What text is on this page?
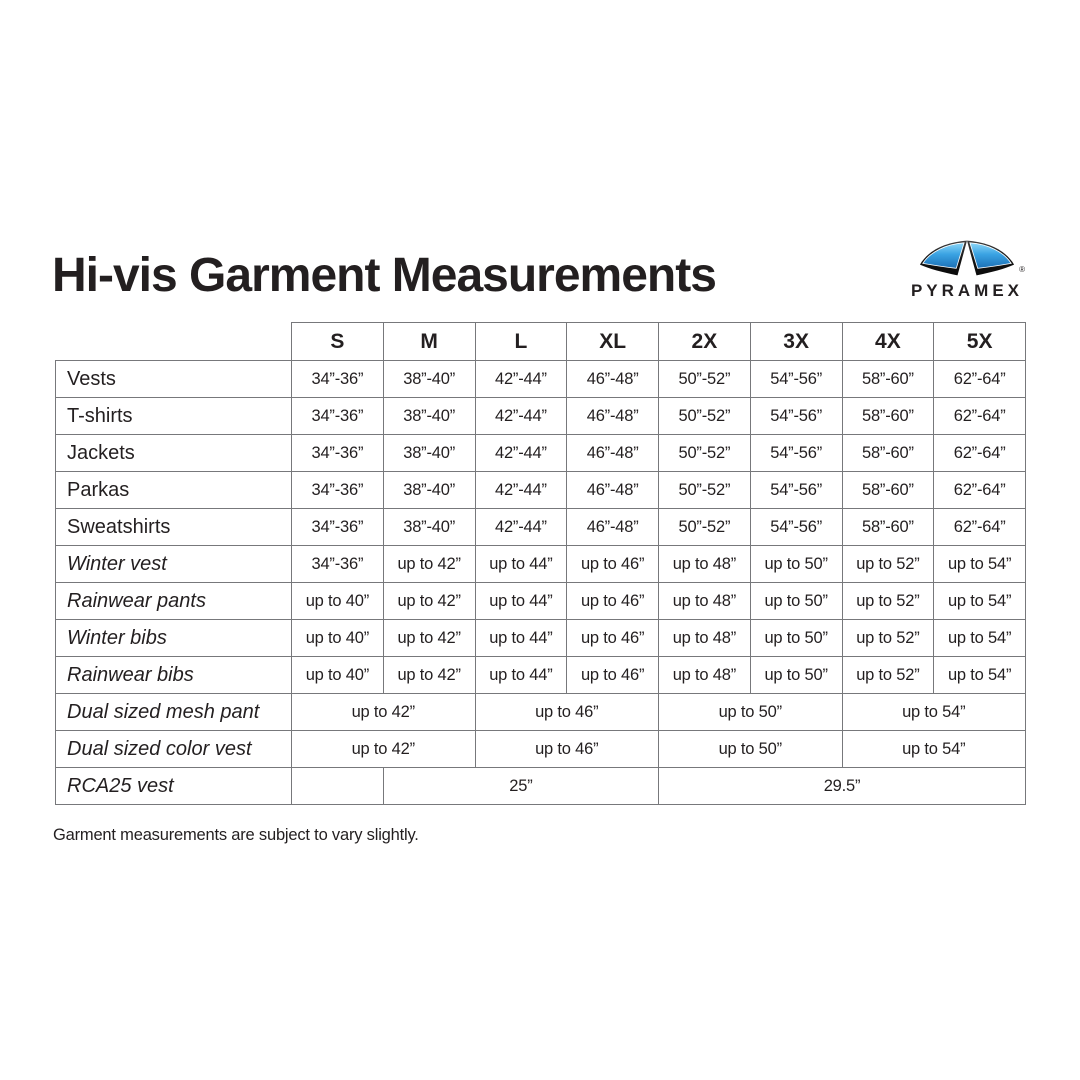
Hi-vis Garment Measurements	®
PYRAMEX
	S	M	L	XL	2X	3X	4X	5X
Vests	34”-36”	38”-40”	42”-44”	46”-48”	50”-52”	54”-56”	58”-60”	62”-64”
T-shirts	34”-36”	38”-40”	42”-44”	46”-48”	50”-52”	54”-56”	58”-60”	62”-64”
Jackets	34”-36”	38”-40”	42”-44”	46”-48”	50”-52”	54”-56”	58”-60”	62”-64”
Parkas	34”-36”	38”-40”	42”-44”	46”-48”	50”-52”	54”-56”	58”-60”	62”-64”
Sweatshirts	34”-36”	38”-40”	42”-44”	46”-48”	50”-52”	54”-56”	58”-60”	62”-64”
Winter vest	34”-36”	up to 42”	up to 44”	up to 46”	up to 48”	up to 50”	up to 52”	up to 54”
Rainwear pants	up to 40”	up to 42”	up to 44”	up to 46”	up to 48”	up to 50”	up to 52”	up to 54”
Winter bibs	up to 40”	up to 42”	up to 44”	up to 46”	up to 48”	up to 50”	up to 52”	up to 54”
Rainwear bibs	up to 40”	up to 42”	up to 44”	up to 46”	up to 48”	up to 50”	up to 52”	up to 54”
Dual sized mesh pant	up to 42”		up to 46”		up to 50”		up to 54”	
Dual sized color vest	up to 42”		up to 46”		up to 50”		up to 54”	
RCA25 vest		25”			29.5”			
Garment measurements are subject to vary slightly.
